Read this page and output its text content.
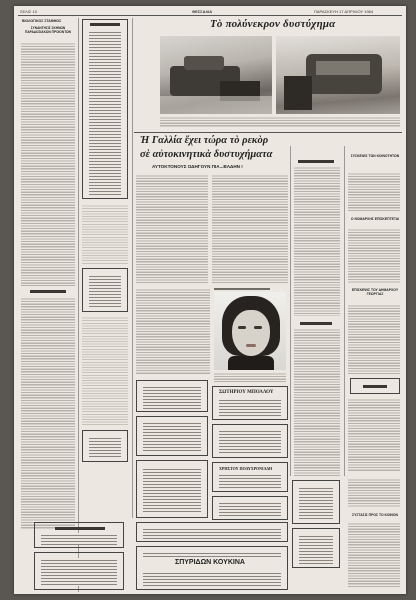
ΣΕΛΙΣ 10	ΘΕΣΣΑΛΙΑ	ΠΑΡΑΣΚΕΥΗ 17 ΑΠΡΙΛΙΟΥ 1964
ΒΙΟΛΟΓΙΚΟΣ ΣΤΑΘΜΟΣ
ΣΥΝΑΝΤΗΣΙΣ ΣΚΗΝΩΝ ΠΑΡΑΔΟΣΙΑΚΩΝ ΠΡΟΙΟΝΤΩΝ
Τὸ πολύνεκρον δυστύχημα
Ἡ Γαλλία ἔχει τώρα τὸ ρεκὸρ
σὲ αὐτοκινητικὰ δυστυχήματα
ΑΥΤΟΚΤΟΝΟΥΣ ΟΔΗΓΟΥΝ ΠΙΑ...ΒΑΔΗΝ !
ΣΥΣΚΕΨΙΣ ΤΩΝ ΚΟΙΝΟΤΗΤΩΝ
Ο ΝΟΜΑΡΧΗΣ ΕΠΙΣΚΕΠΤΕΤΑΙ
ΕΠΙΣΚΕΨΙΣ ΤΟΥ ΔΗΜΑΡΧΟΥ ΓΕΩΡΓΙΑΣ
ΣΩΤΗΡΙΟΥ ΜΠΟΛΛΟΥ
ΧΡΗΣΤΟΥ ΠΟΛΥΧΡΟΝΙΑΔΗ
ΣΥΣΤΑΣΙΣ ΠΡΟΣ ΤΟ ΚΟΙΝΟΝ
ΣΠΥΡΙΔΩΝ ΚΟΥΚΙΝΑ
